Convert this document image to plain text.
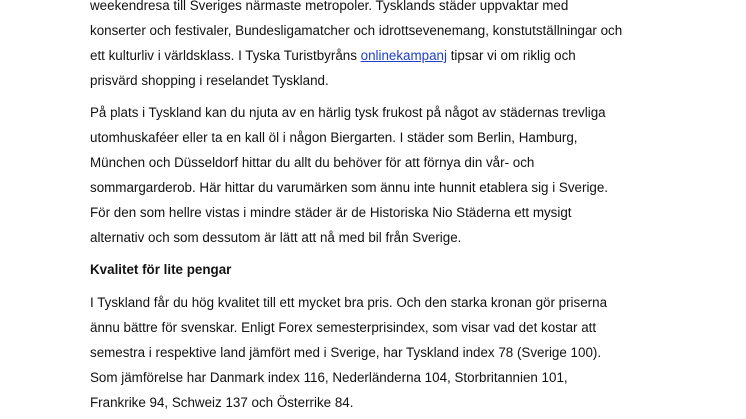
weekendresa till Sveriges närmaste metropoler. Tysklands städer uppvaktar med
konserter och festivaler, Bundesligamatcher och idrottsevenemang, konstutställningar och
ett kulturliv i världsklass. I Tyska Turistbyråns onlinekampanj tipsar vi om riklig och
prisvärd shopping i reselandet Tyskland.

På plats i Tyskland kan du njuta av en härlig tysk frukost på något av städernas trevliga
utomhuskaféer eller ta en kall öl i någon Biergarten. I städer som Berlin, Hamburg,
München och Düsseldorf hittar du allt du behöver för att förnya din vår- och
sommargarderob. Här hittar du varumärken som ännu inte hunnit etablera sig i Sverige.
För den som hellre vistas i mindre städer är de Historiska Nio Städerna ett mysigt
alternativ och som dessutom är lätt att nå med bil från Sverige.

Kvalitet för lite pengar

I Tyskland får du hög kvalitet till ett mycket bra pris. Och den starka kronan gör priserna
ännu bättre för svenskar. Enligt Forex semesterprisindex, som visar vad det kostar att
semestra i respektive land jämfört med i Sverige, har Tyskland index 78 (Sverige 100).
Som jämförelse har Danmark index 116, Nederländerna 104, Storbritannien 101,
Frankrike 94, Schweiz 137 och Österrike 84.
